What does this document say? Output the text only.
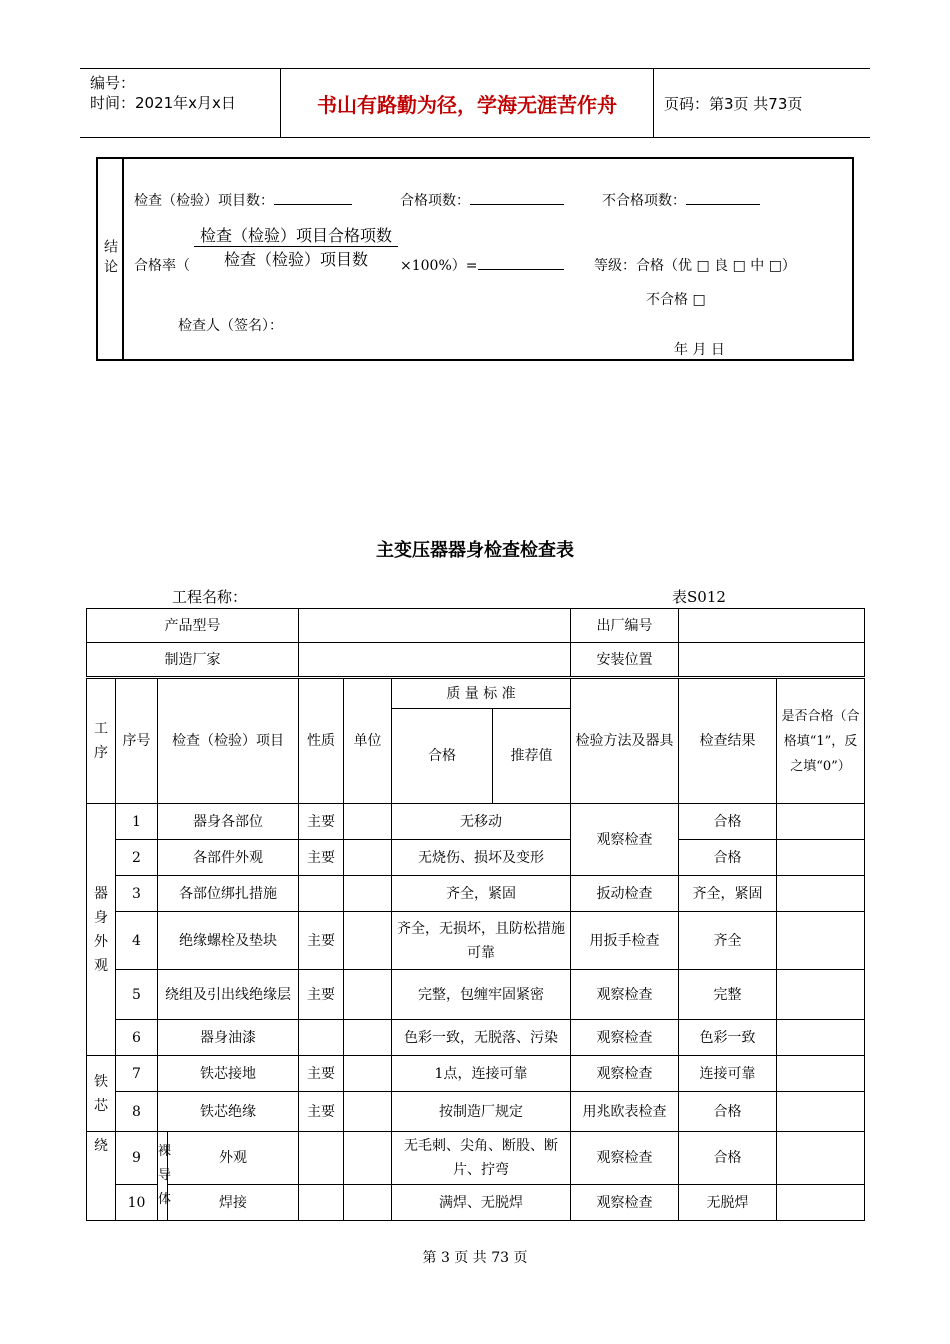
编号：
时间：2021年x月x日	书山有路勤为径，学海无涯苦作舟	页码：第3页 共73页
结论
检查（检验）项目数：	合格项数：	不合格项数：
合格率（
检查（检验）项目合格项数
检查（检验）项目数	×100%）=	等级：合格（优 □ 良 □ 中 □）
不合格 □
检查人（签名）：
年 月 日
主变压器器身检查检查表
工程名称：	表S012
产品型号		出厂编号	
制造厂家		安装位置	
工序	序号	检查（检验）项目		性质	单位	质 量 标 准		检验方法及器具	检查结果	是否合格（合格填“1”，反之填“0”）
						合格	推荐值			
器身外观	1	器身各部位		主要		无移动		观察检查	合格	
	2	各部件外观		主要		无烧伤、损坏及变形			合格	
	3	各部位绑扎措施				齐全，紧固		扳动检查	齐全，紧固	
	4	绝缘螺栓及垫块		主要		齐全，无损坏，且防松措施可靠		用扳手检查	齐全	
	5	绕组及引出线绝缘层		主要		完整，包缠牢固紧密		观察检查	完整	
	6	器身油漆				色彩一致，无脱落、污染		观察检查	色彩一致	
铁芯	7	铁芯接地		主要		1点，连接可靠		观察检查	连接可靠	
	8	铁芯绝缘		主要		按制造厂规定		用兆欧表检查	合格	
绕	9	裸导体	外观			无毛刺、尖角、断股、断片、拧弯		观察检查	合格	
	10		焊接			满焊、无脱焊		观察检查	无脱焊	
第 3 页 共 73 页
